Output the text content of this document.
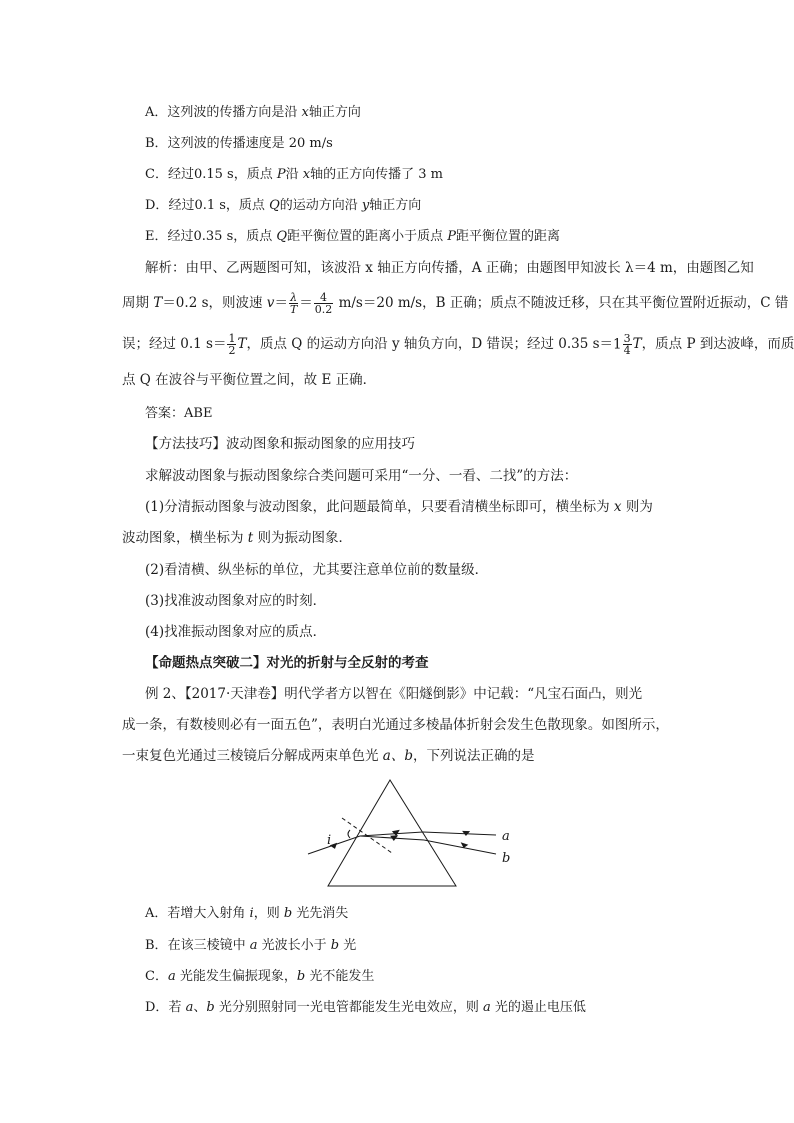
A．这列波的传播方向是沿 x轴正方向
B．这列波的传播速度是 20 m/s
C．经过0.15 s，质点 P沿 x轴的正方向传播了 3 m
D．经过0.1 s，质点 Q的运动方向沿 y轴正方向
E．经过0.35 s，质点 Q距平衡位置的距离小于质点 P距平衡位置的距离
解析：由甲、乙两题图可知，该波沿 x 轴正方向传播，A 正确；由题图甲知波长 λ＝4 m，由题图乙知
周期 T＝0.2 s，则波速 $v= \frac{\lambda}{T} = \frac{4}{0.2} m/s=20$ m/s，B 正确；质点不随波迁移，只在其平衡位置附近振动，C 错
误；经过 0.1 $s= \frac{1}{2}$ T，质点 Q 的运动方向沿 y 轴负方向，D 错误；经过 0.35 $s=1 \frac{3}{4}$ T，质点 P 到达波峰，而质
点 Q 在波谷与平衡位置之间，故 E 正确．
答案：ABE
【方法技巧】波动图象和振动图象的应用技巧
求解波动图象与振动图象综合类问题可采用“一分、一看、二找”的方法：
(1)分清振动图象与波动图象，此问题最简单，只要看清横坐标即可，横坐标为 x 则为
波动图象，横坐标为 t 则为振动图象．
(2)看清横、纵坐标的单位，尤其要注意单位前的数量级．
(3)找准波动图象对应的时刻．
(4)找准振动图象对应的质点．
【命题热点突破二】对光的折射与全反射的考查
例 2、【2017·天津卷】明代学者方以智在《阳燧倒影》中记载：“凡宝石面凸，则光
成一条，有数棱则必有一面五色”，表明白光通过多棱晶体折射会发生色散现象。如图所示，
一束复色光通过三棱镜后分解成两束单色光 a、b，下列说法正确的是
i	a
b
A．若增大入射角 i，则 b 光先消失
B．在该三棱镜中 a 光波长小于 b 光
C．a 光能发生偏振现象，b 光不能发生
D．若 a、b 光分别照射同一光电管都能发生光电效应，则 a 光的遏止电压低
